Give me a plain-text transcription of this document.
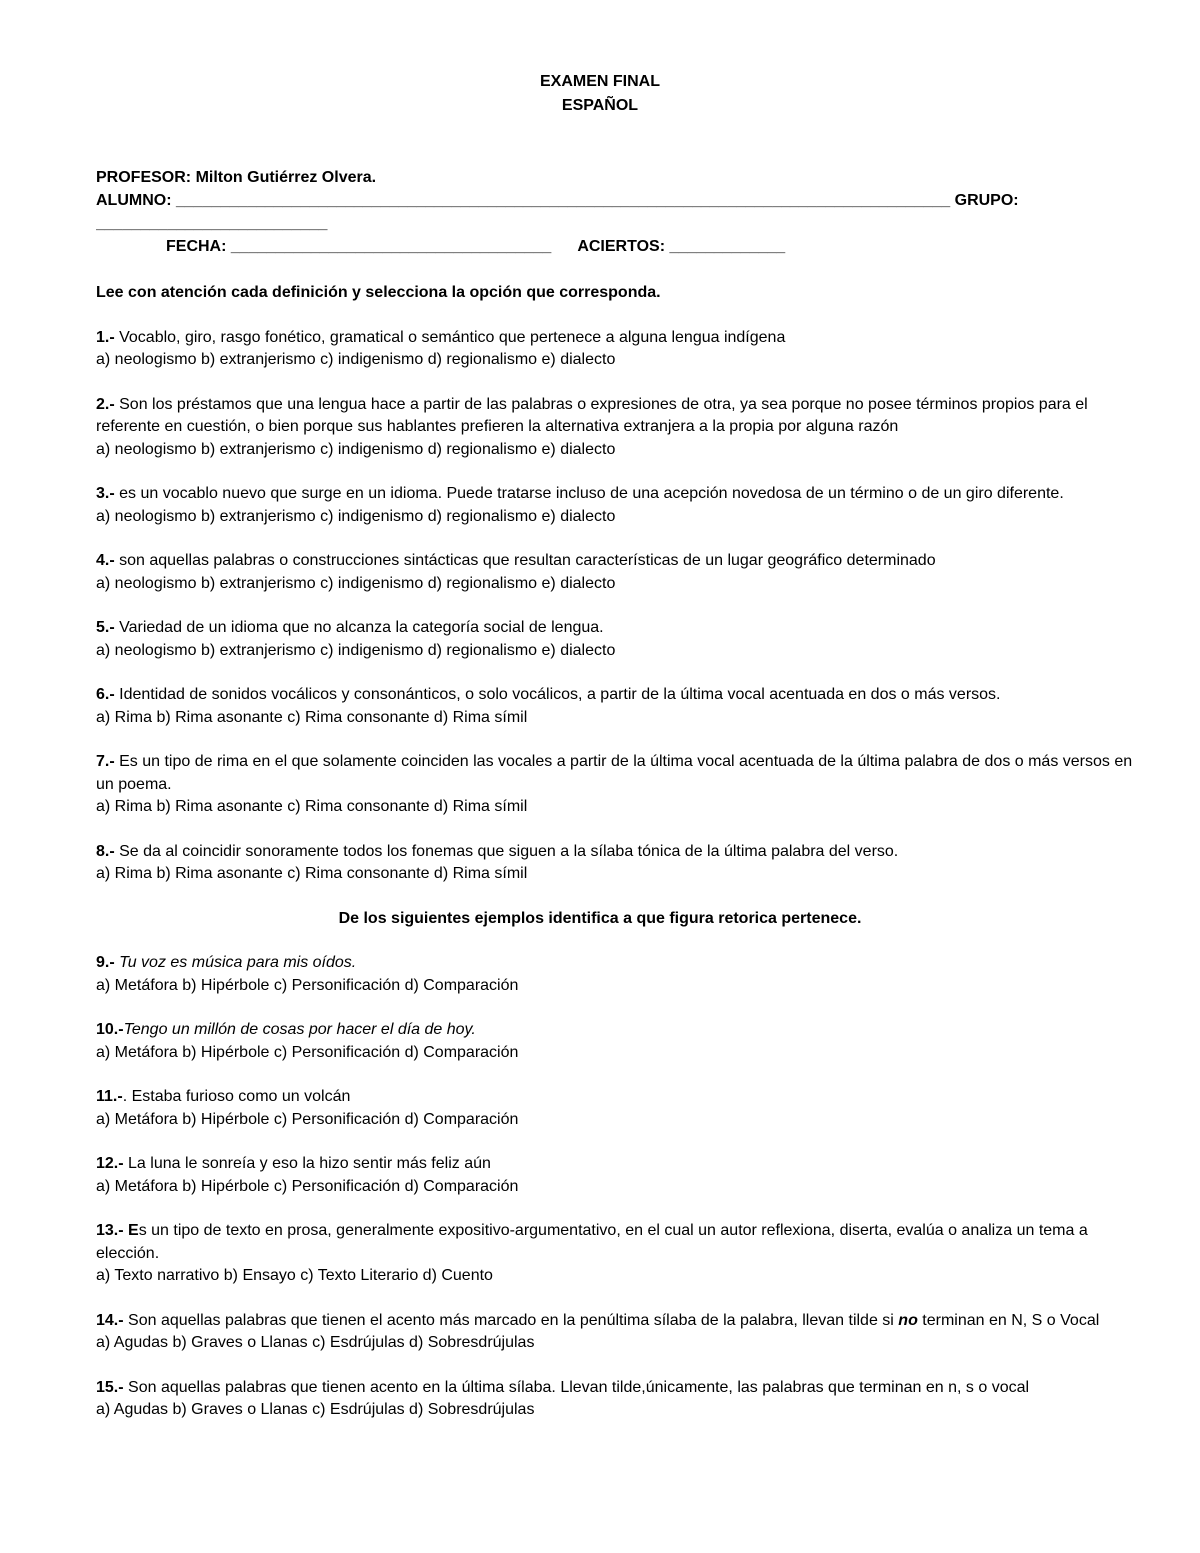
EXAMEN FINAL
ESPAÑOL
PROFESOR: Milton Gutiérrez Olvera.
ALUMNO: _______________________________________________________________________________________ GRUPO:
__________________________
FECHA: ____________________________________ ACIERTOS: _____________
Lee con atención cada definición y selecciona la opción que corresponda.
1.- Vocablo, giro, rasgo fonético, gramatical o semántico que pertenece a alguna lengua indígena
a) neologismo b) extranjerismo c) indigenismo d) regionalismo e) dialecto
2.- Son los préstamos que una lengua hace a partir de las palabras o expresiones de otra, ya sea porque no posee términos propios para el referente en cuestión, o bien porque sus hablantes prefieren la alternativa extranjera a la propia por alguna razón
a) neologismo b) extranjerismo c) indigenismo d) regionalismo e) dialecto
3.- es un vocablo nuevo que surge en un idioma. Puede tratarse incluso de una acepción novedosa de un término o de un giro diferente.
a) neologismo b) extranjerismo c) indigenismo d) regionalismo e) dialecto
4.- son aquellas palabras o construcciones sintácticas que resultan características de un lugar geográfico determinado
a) neologismo b) extranjerismo c) indigenismo d) regionalismo e) dialecto
5.- Variedad de un idioma que no alcanza la categoría social de lengua.
a) neologismo b) extranjerismo c) indigenismo d) regionalismo e) dialecto
6.- Identidad de sonidos vocálicos y consonánticos, o solo vocálicos, a partir de la última vocal acentuada en dos o más versos.
a) Rima b) Rima asonante c) Rima consonante d) Rima símil
7.- Es un tipo de rima en el que solamente coinciden las vocales a partir de la última vocal acentuada de la última palabra de dos o más versos en un poema.
a) Rima b) Rima asonante c) Rima consonante d) Rima símil
8.- Se da al coincidir sonoramente todos los fonemas que siguen a la sílaba tónica de la última palabra del verso.
a) Rima b) Rima asonante c) Rima consonante d) Rima símil
De los siguientes ejemplos identifica a que figura retorica pertenece.
9.- Tu voz es música para mis oídos.
a) Metáfora b) Hipérbole c) Personificación d) Comparación
10.-Tengo un millón de cosas por hacer el día de hoy.
a) Metáfora b) Hipérbole c) Personificación d) Comparación
11.-. Estaba furioso como un volcán
a) Metáfora b) Hipérbole c) Personificación d) Comparación
12.- La luna le sonreía y eso la hizo sentir más feliz aún
a) Metáfora b) Hipérbole c) Personificación d) Comparación
13.- Es un tipo de texto en prosa, generalmente expositivo-argumentativo, en el cual un autor reflexiona, diserta, evalúa o analiza un tema a elección.
a) Texto narrativo b) Ensayo c) Texto Literario d) Cuento
14.- Son aquellas palabras que tienen el acento más marcado en la penúltima sílaba de la palabra, llevan tilde si no terminan en N, S o Vocal
a) Agudas b) Graves o Llanas c) Esdrújulas d) Sobresdrújulas
15.- Son aquellas palabras que tienen acento en la última sílaba. Llevan tilde,únicamente, las palabras que terminan en n, s o vocal
a) Agudas b) Graves o Llanas c) Esdrújulas d) Sobresdrújulas
